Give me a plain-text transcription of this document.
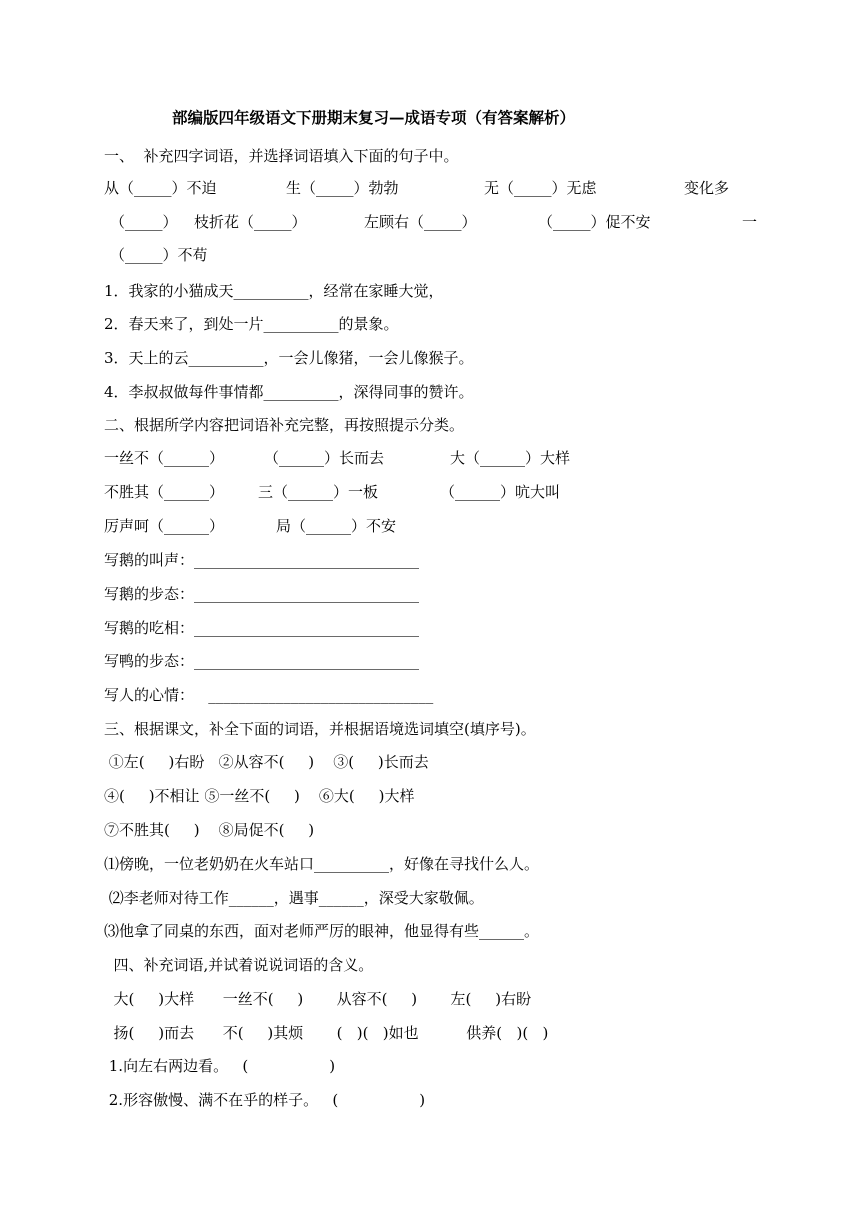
部编版四年级语文下册期末复习—成语专项（有答案解析）
一、  补充四字词语，并选择词语填入下面的句子中。
从（_____）不迫	生（_____）勃勃	无（_____）无虑	变化多
（_____） 枝折花（_____）	左顾右（_____）	（_____）促不安	一
（_____）不苟
1．我家的小猫成天__________，经常在家睡大觉，
2．春天来了，到处一片__________的景象。
3．天上的云__________，一会儿像猪，一会儿像猴子。
4．李叔叔做每件事情都__________，深得同事的赞许。
二、根据所学内容把词语补充完整，再按照提示分类。
一丝不（______）	（______）长而去	大（______）大样
不胜其（______） 三（______）一板	（______）吭大叫
厉声呵（______）	局（______）不安
写鹅的叫声：______________________________
写鹅的步态：______________________________
写鹅的吃相：______________________________
写鸭的步态：______________________________
写人的心情：   ______________________________
三、根据课文，补全下面的词语，并根据语境选词填空(填序号)。
①左(     )右盼   ②从容不(     )    ③(     )长而去
④(     )不相让 ⑤一丝不(     )    ⑥大(     )大样
⑦不胜其(     )    ⑧局促不(     )
⑴傍晚，一位老奶奶在火车站口__________，好像在寻找什么人。
⑵李老师对待工作______，遇事______，深受大家敬佩。
⑶他拿了同桌的东西，面对老师严厉的眼神，他显得有些______。
四、补充词语,并试着说说词语的含义。
大(     )大样      一丝不(     )       从容不(     )       左(     )右盼
扬(     )而去      不(     )其烦       (   )(   )如也          供养(   )(   )
1.向左右两边看。   (                 )
2.形容傲慢、满不在乎的样子。   (                 )
